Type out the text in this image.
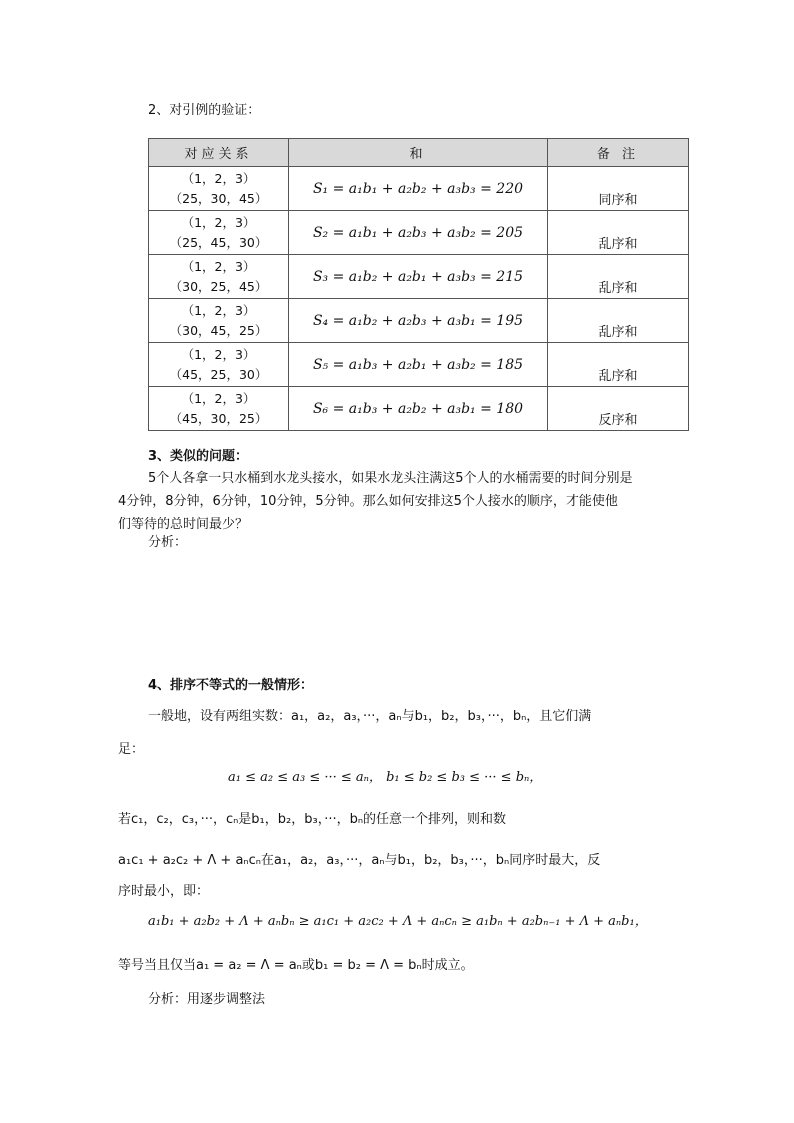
2、对引例的验证：
对应关系	和	备 注

（1，2，3）
（25，30，45）	S₁ = a₁b₁ + a₂b₂ + a₃b₃ = 220	同序和

（1，2，3）
（25，45，30）	S₂ = a₁b₁ + a₂b₃ + a₃b₂ = 205	乱序和

（1，2，3）
（30，25，45）	S₃ = a₁b₂ + a₂b₁ + a₃b₃ = 215	乱序和

（1，2，3）
（30，45，25）	S₄ = a₁b₂ + a₂b₃ + a₃b₁ = 195	乱序和

（1，2，3）
（45，25，30）	S₅ = a₁b₃ + a₂b₁ + a₃b₂ = 185	乱序和

（1，2，3）
（45，30，25）	S₆ = a₁b₃ + a₂b₂ + a₃b₁ = 180	反序和
3、类似的问题：
5个人各拿一只水桶到水龙头接水，如果水龙头注满这5个人的水桶需要的时间分别是
4分钟，8分钟，6分钟，10分钟，5分钟。那么如何安排这5个人接水的顺序，才能使他
们等待的总时间最少？
分析：
4、排序不等式的一般情形：
一般地，设有两组实数：a₁，a₂，a₃，···，aₙ与b₁，b₂，b₃，···，bₙ，且它们满
足：
a₁ ≤ a₂ ≤ a₃ ≤ ··· ≤ aₙ， b₁ ≤ b₂ ≤ b₃ ≤ ··· ≤ bₙ，
若c₁，c₂，c₃，···，cₙ是b₁，b₂，b₃，···，bₙ的任意一个排列，则和数
a₁c₁ + a₂c₂ + Λ + aₙcₙ在a₁，a₂，a₃，···，aₙ与b₁，b₂，b₃，···，bₙ同序时最大，反
序时最小，即：
a₁b₁ + a₂b₂ + Λ + aₙbₙ ≥ a₁c₁ + a₂c₂ + Λ + aₙcₙ ≥ a₁bₙ + a₂bₙ₋₁ + Λ + aₙb₁，
等号当且仅当a₁ = a₂ = Λ = aₙ或b₁ = b₂ = Λ = bₙ时成立。
分析：用逐步调整法
